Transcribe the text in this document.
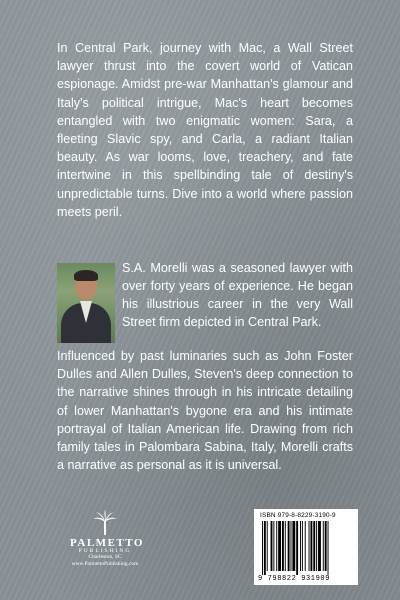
In Central Park, journey with Mac, a Wall Street lawyer thrust into the covert world of Vatican espionage. Amidst pre-war Manhattan's glamour and Italy's political intrigue, Mac's heart becomes entangled with two enigmatic women: Sara, a fleeting Slavic spy, and Carla, a radiant Italian beauty. As war looms, love, treachery, and fate intertwine in this spellbinding tale of destiny's unpredictable turns. Dive into a world where passion meets peril.

S.A. Morelli was a seasoned lawyer with over forty years of experience. He began his illustrious career in the very Wall Street firm depicted in Central Park.

Influenced by past luminaries such as John Foster Dulles and Allen Dulles, Steven's deep connection to the narrative shines through in his intricate detailing of lower Manhattan's bygone era and his intimate portrayal of Italian American life. Drawing from rich family tales in Palombara Sabina, Italy, Morelli crafts a narrative as personal as it is universal.

PALMETTO
PUBLISHING
Charleston, SC
www.PalmettoPublishing.com
ISBN 979-8-8229-3190-9
9 798822 931909
